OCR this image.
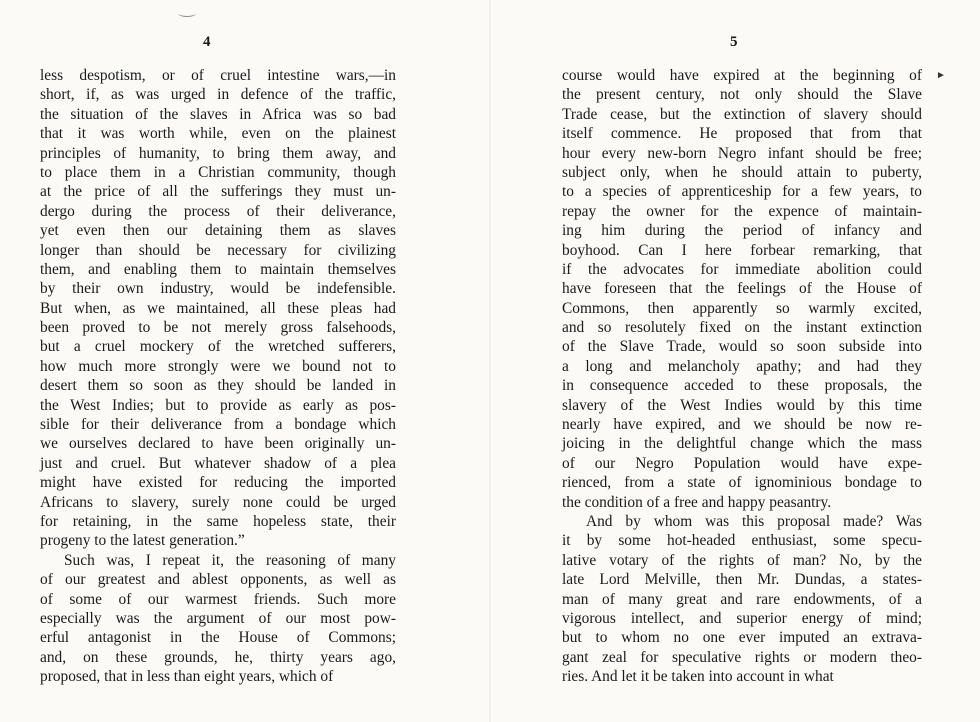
4
less despotism, or of cruel intestine wars,—in
short, if, as was urged in defence of the traffic,
the situation of the slaves in Africa was so bad
that it was worth while, even on the plainest
principles of humanity, to bring them away, and
to place them in a Christian community, though
at the price of all the sufferings they must un-
dergo during the process of their deliverance,
yet even then our detaining them as slaves
longer than should be necessary for civilizing
them, and enabling them to maintain themselves
by their own industry, would be indefensible.
But when, as we maintained, all these pleas had
been proved to be not merely gross falsehoods,
but a cruel mockery of the wretched sufferers,
how much more strongly were we bound not to
desert them so soon as they should be landed in
the West Indies; but to provide as early as pos-
sible for their deliverance from a bondage which
we ourselves declared to have been originally un-
just and cruel. But whatever shadow of a plea
might have existed for reducing the imported
Africans to slavery, surely none could be urged
for retaining, in the same hopeless state, their
progeny to the latest generation.”
Such was, I repeat it, the reasoning of many
of our greatest and ablest opponents, as well as
of some of our warmest friends. Such more
especially was the argument of our most pow-
erful antagonist in the House of Commons;
and, on these grounds, he, thirty years ago,
proposed, that in less than eight years, which of
5
course would have expired at the beginning of
the present century, not only should the Slave
Trade cease, but the extinction of slavery should
itself commence. He proposed that from that
hour every new-born Negro infant should be free;
subject only, when he should attain to puberty,
to a species of apprenticeship for a few years, to
repay the owner for the expence of maintain-
ing him during the period of infancy and
boyhood. Can I here forbear remarking, that
if the advocates for immediate abolition could
have foreseen that the feelings of the House of
Commons, then apparently so warmly excited,
and so resolutely fixed on the instant extinction
of the Slave Trade, would so soon subside into
a long and melancholy apathy; and had they
in consequence acceded to these proposals, the
slavery of the West Indies would by this time
nearly have expired, and we should be now re-
joicing in the delightful change which the mass
of our Negro Population would have expe-
rienced, from a state of ignominious bondage to
the condition of a free and happy peasantry.
And by whom was this proposal made? Was
it by some hot-headed enthusiast, some specu-
lative votary of the rights of man? No, by the
late Lord Melville, then Mr. Dundas, a states-
man of many great and rare endowments, of a
vigorous intellect, and superior energy of mind;
but to whom no one ever imputed an extrava-
gant zeal for speculative rights or modern theo-
ries. And let it be taken into account in what
►
